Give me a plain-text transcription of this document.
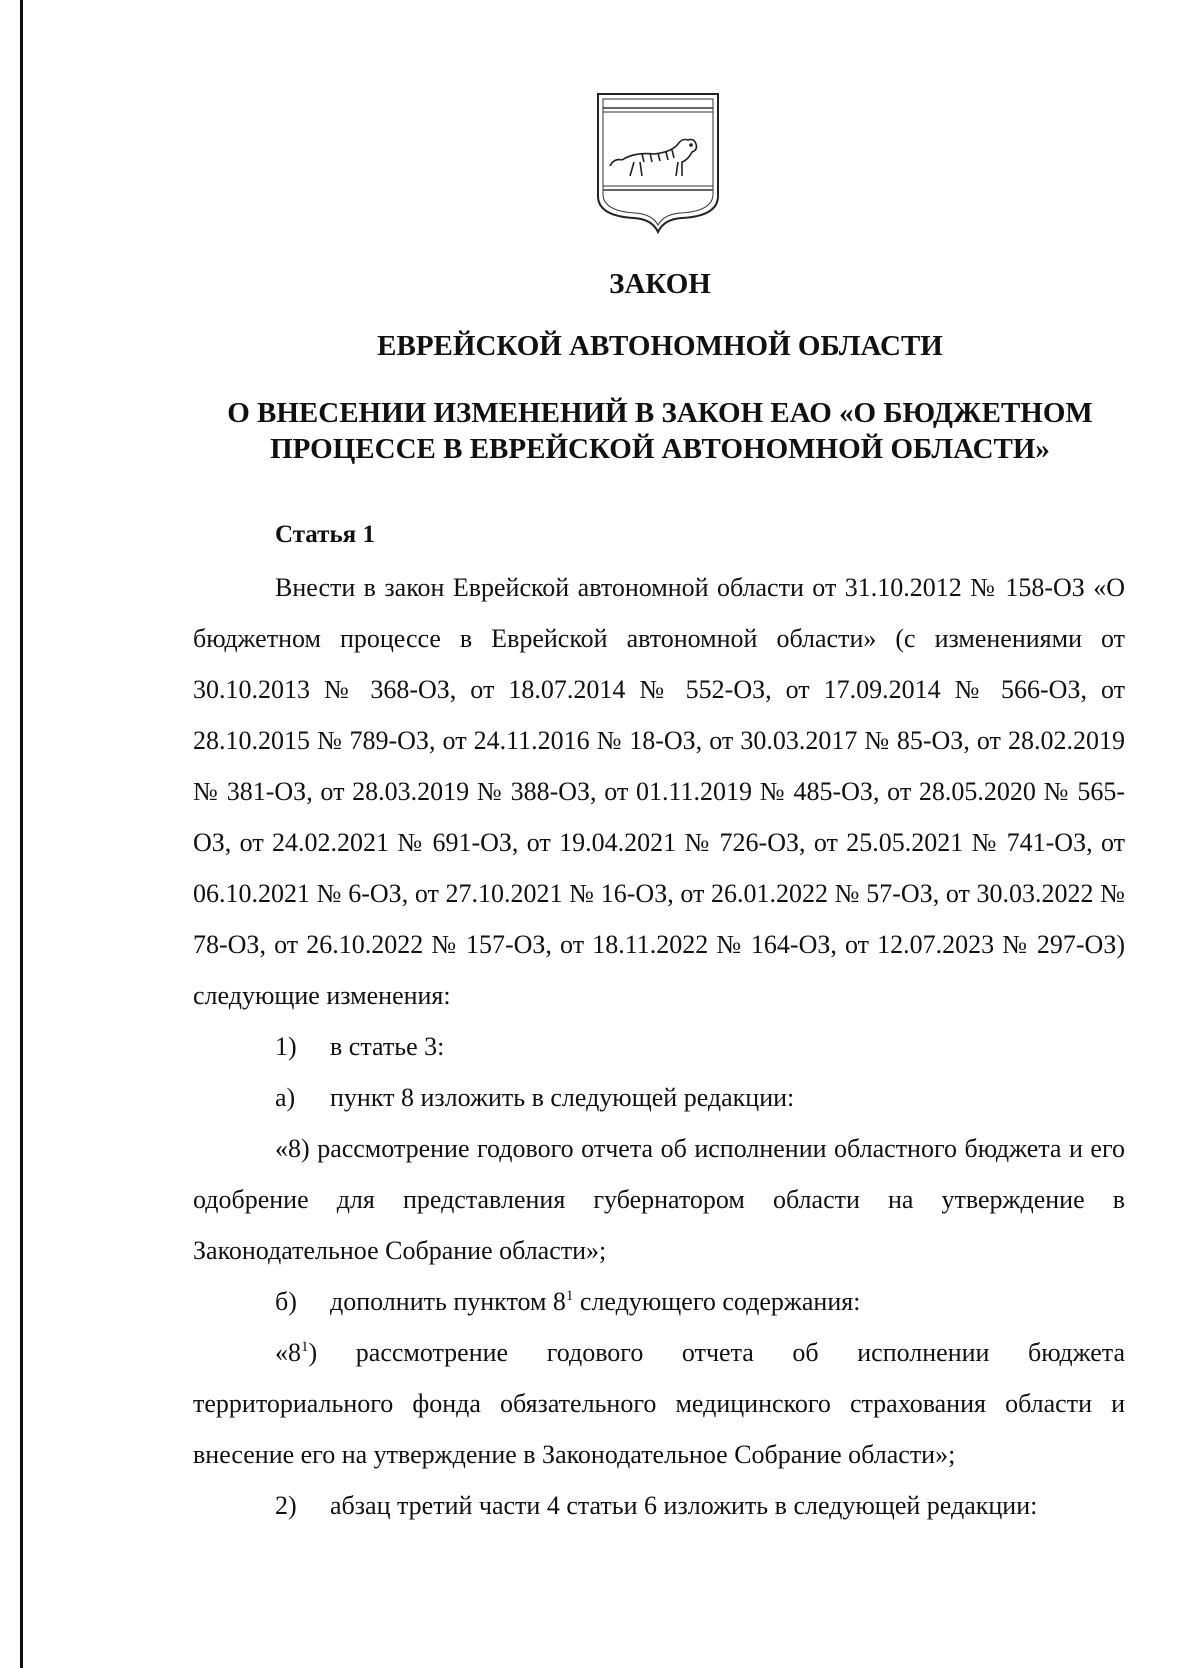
ЗАКОН
ЕВРЕЙСКОЙ АВТОНОМНОЙ ОБЛАСТИ
О ВНЕСЕНИИ ИЗМЕНЕНИЙ В ЗАКОН ЕАО «О БЮДЖЕТНОМ
ПРОЦЕССЕ В ЕВРЕЙСКОЙ АВТОНОМНОЙ ОБЛАСТИ»
Статья 1

Внести в закон Еврейской автономной области от 31.10.2012 № 158-ОЗ «О бюджетном процессе в Еврейской автономной области» (с изменениями от 30.10.2013 № 368-ОЗ, от 18.07.2014 № 552-ОЗ, от 17.09.2014 № 566-ОЗ, от 28.10.2015 № 789-ОЗ, от 24.11.2016 № 18-ОЗ, от 30.03.2017 № 85-ОЗ, от 28.02.2019 № 381-ОЗ, от 28.03.2019 № 388-ОЗ, от 01.11.2019 № 485-ОЗ, от 28.05.2020 № 565-ОЗ, от 24.02.2021 № 691-ОЗ, от 19.04.2021 № 726-ОЗ, от 25.05.2021 № 741-ОЗ, от 06.10.2021 № 6-ОЗ, от 27.10.2021 № 16-ОЗ, от 26.01.2022 № 57-ОЗ, от 30.03.2022 № 78-ОЗ, от 26.10.2022 № 157-ОЗ, от 18.11.2022 № 164-ОЗ, от 12.07.2023 № 297-ОЗ) следующие изменения:

1)	в статье 3:
а)	пункт 8 изложить в следующей редакции:

«8) рассмотрение годового отчета об исполнении областного бюджета и его одобрение для представления губернатором области на утверждение в Законодательное Собрание области»;

б)	дополнить пунктом $8^1$ следующего содержания:

«$8^1$) рассмотрение годового отчета об исполнении бюджета территориального фонда обязательного медицинского страхования области и внесение его на утверждение в Законодательное Собрание области»;

2)	абзац третий части 4 статьи 6 изложить в следующей редакции:
